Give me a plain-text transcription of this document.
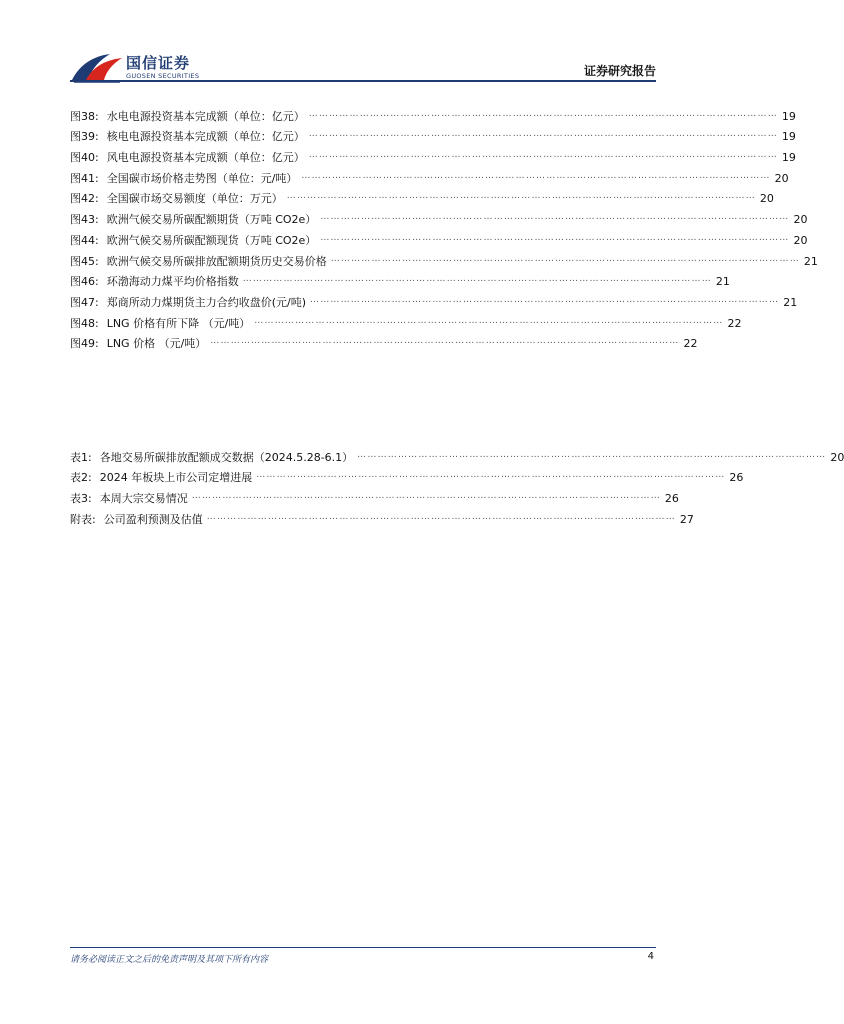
国信证券
GUOSEN SECURITIES	证券研究报告
图38: 水电电源投资基本完成额（单位：亿元） ………………………………………………………………………………………………………………………… 19
图39: 核电电源投资基本完成额（单位：亿元） ………………………………………………………………………………………………………………………… 19
图40: 风电电源投资基本完成额（单位：亿元） ………………………………………………………………………………………………………………………… 19
图41: 全国碳市场价格走势图（单位：元/吨） ………………………………………………………………………………………………………………………… 20
图42: 全国碳市场交易额度（单位：万元） ………………………………………………………………………………………………………………………… 20
图43: 欧洲气候交易所碳配额期货（万吨 CO2e） ………………………………………………………………………………………………………………………… 20
图44: 欧洲气候交易所碳配额现货（万吨 CO2e） ………………………………………………………………………………………………………………………… 20
图45: 欧洲气候交易所碳排放配额期货历史交易价格 ………………………………………………………………………………………………………………………… 21
图46: 环渤海动力煤平均价格指数 ………………………………………………………………………………………………………………………… 21
图47: 郑商所动力煤期货主力合约收盘价(元/吨) ………………………………………………………………………………………………………………………… 21
图48: LNG 价格有所下降 （元/吨） ………………………………………………………………………………………………………………………… 22
图49: LNG 价格 （元/吨） ………………………………………………………………………………………………………………………… 22
表1: 各地交易所碳排放配额成交数据（2024.5.28-6.1） ………………………………………………………………………………………………………………………… 20
表2: 2024 年板块上市公司定增进展 ………………………………………………………………………………………………………………………… 26
表3: 本周大宗交易情况 ………………………………………………………………………………………………………………………… 26
附表: 公司盈利预测及估值 ………………………………………………………………………………………………………………………… 27
请务必阅读正文之后的免责声明及其项下所有内容	4
